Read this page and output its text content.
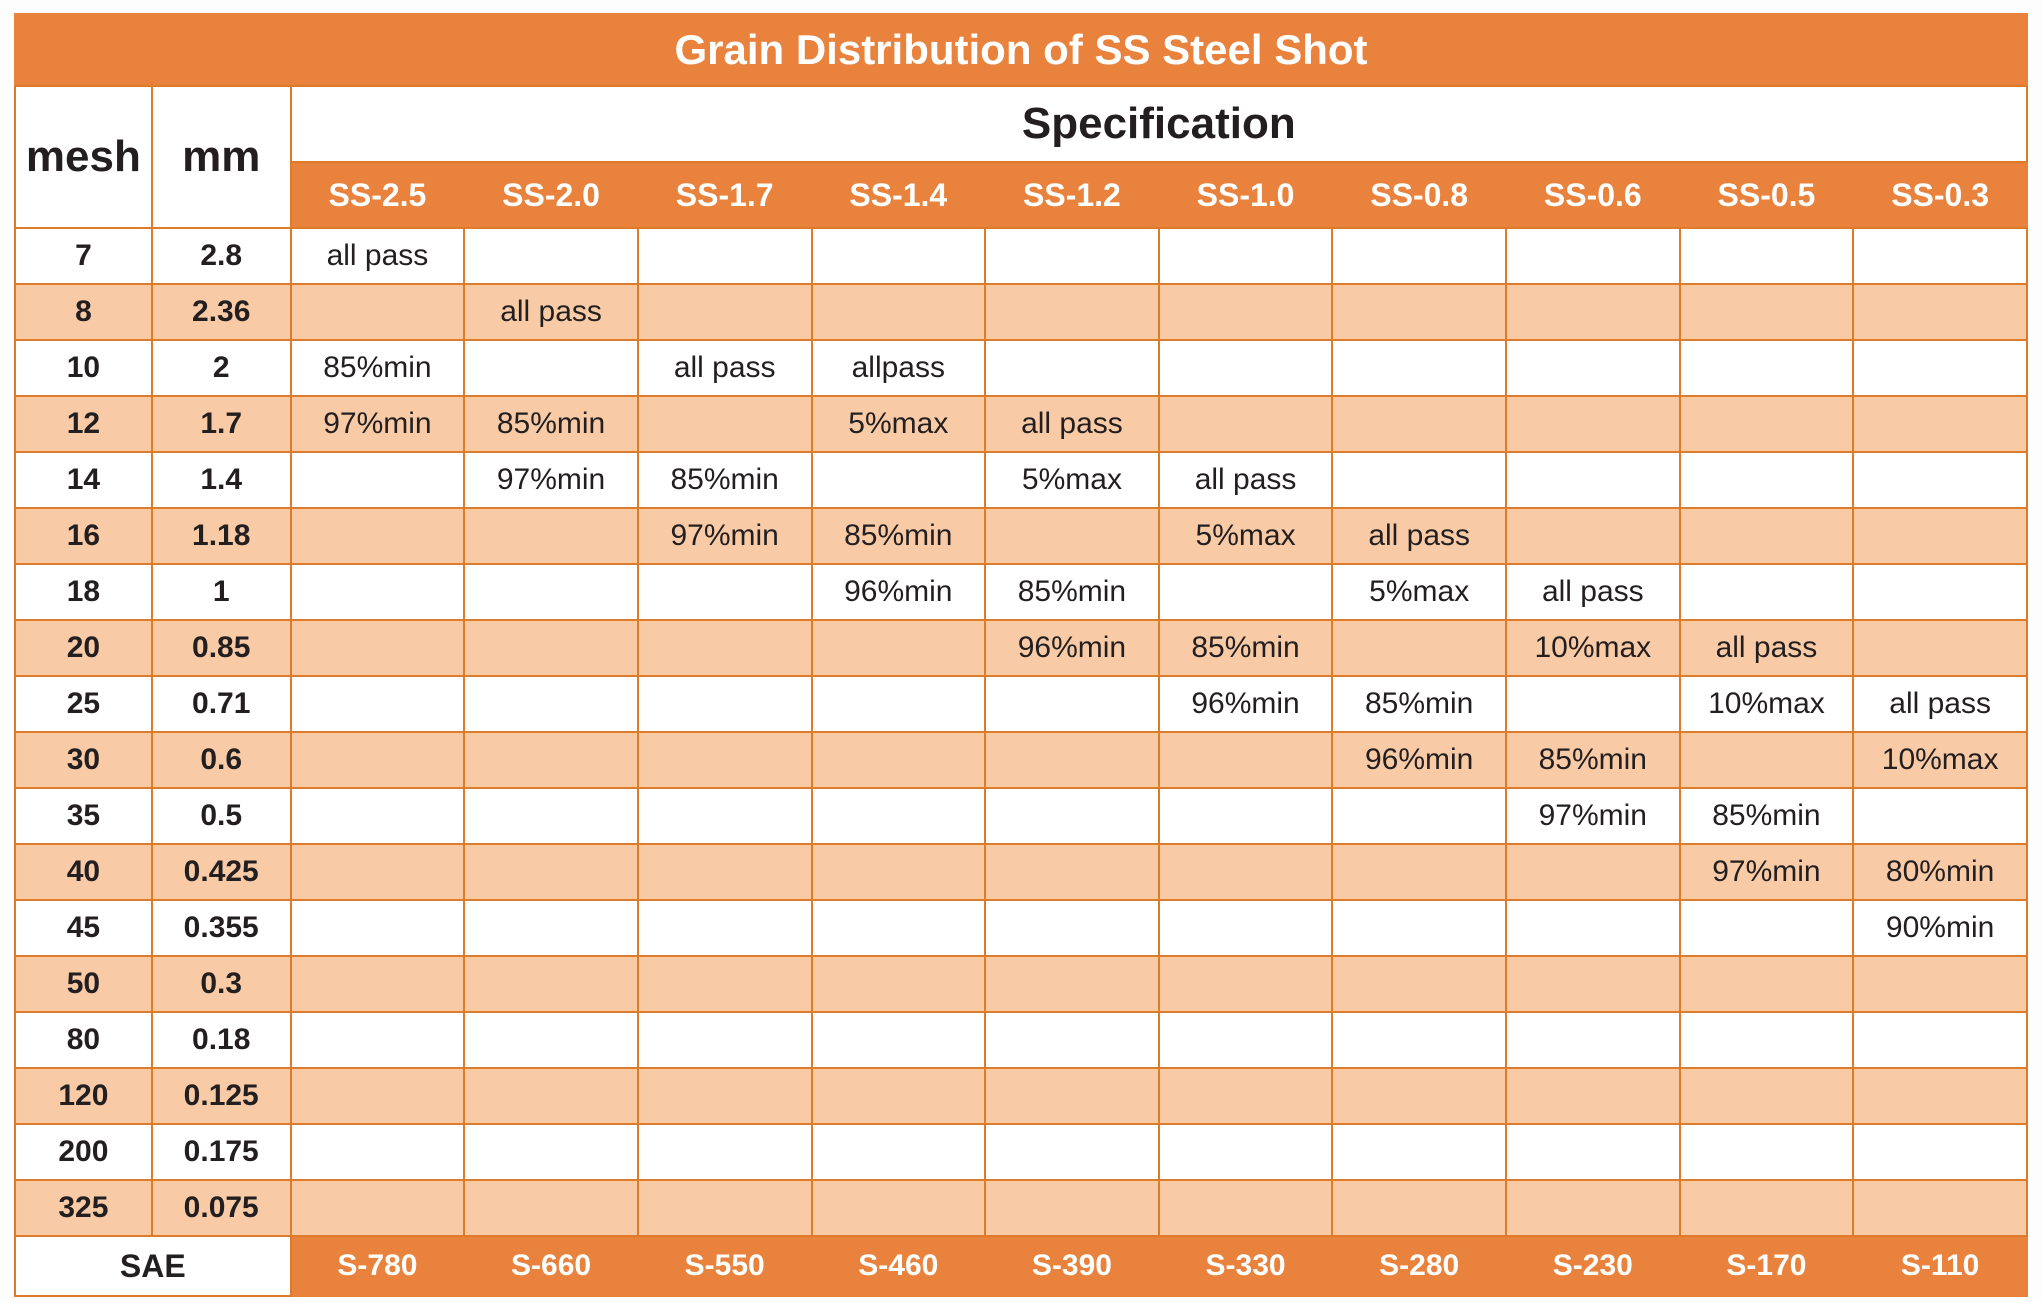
Grain Distribution of SS Steel Shot											
mesh	mm	Specification									
		SS-2.5	SS-2.0	SS-1.7	SS-1.4	SS-1.2	SS-1.0	SS-0.8	SS-0.6	SS-0.5	SS-0.3
7	2.8	all pass									
8	2.36		all pass								
10	2	85%min		all pass	allpass						
12	1.7	97%min	85%min		5%max	all pass					
14	1.4		97%min	85%min		5%max	all pass				
16	1.18			97%min	85%min		5%max	all pass			
18	1				96%min	85%min		5%max	all pass		
20	0.85					96%min	85%min		10%max	all pass	
25	0.71						96%min	85%min		10%max	all pass
30	0.6							96%min	85%min		10%max
35	0.5								97%min	85%min	
40	0.425									97%min	80%min
45	0.355										90%min
50	0.3										
80	0.18										
120	0.125										
200	0.175										
325	0.075										
SAE		S-780	S-660	S-550	S-460	S-390	S-330	S-280	S-230	S-170	S-110
